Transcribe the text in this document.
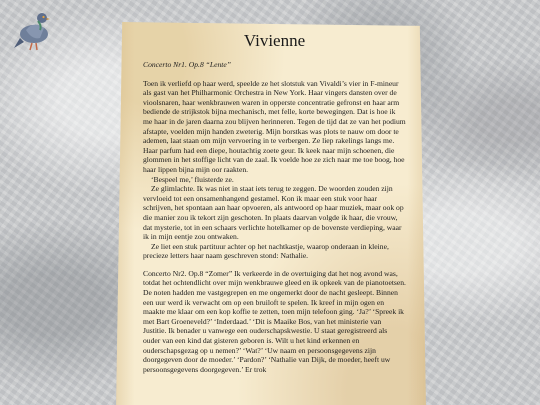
Vivienne

Concerto Nr1. Op.8 “Lente”

Toen ik verliefd op haar werd, speelde ze het slotstuk van Vivaldi’s vier in F-mineur als gast van het Philharmonic Orchestra in New York. Haar vingers dansten over de vioolsnaren, haar wenkbrauwen waren in opperste concentratie gefronst en haar arm bediende de strijkstok bijna mechanisch, met felle, korte bewegingen. Dat is hoe ik me haar in de jaren daarna zou blijven herinneren. Tegen de tijd dat ze van het podium afstapte, voelden mijn handen zweterig. Mijn borstkas was plots te nauw om door te ademen, laat staan om mijn vervoering in te verbergen. Ze liep rakelings langs me. Haar parfum had een diepe, houtachtig zoete geur. Ik keek naar mijn schoenen, die glommen in het stoffige licht van de zaal. Ik voelde hoe ze zich naar me toe boog, hoe haar lippen bijna mijn oor raakten.

‘Bespeel me,’ fluisterde ze.

Ze glimlachte. Ik was niet in staat iets terug te zeggen. De woorden zouden zijn vervloeid tot een onsamenhangend gestamel. Kon ik maar een stuk voor haar schrijven, het spontaan aan haar opvoeren, als antwoord op haar muziek, maar ook op die manier zou ik tekort zijn geschoten. In plaats daarvan volgde ik haar, die vrouw, dat mysterie, tot in een schaars verlichte hotelkamer op de bovenste verdieping, waar ik in mijn eentje zou ontwaken.

Ze liet een stuk partituur achter op het nachtkastje, waarop onderaan in kleine, precieze letters haar naam geschreven stond: Nathalie.

Concerto Nr2. Op.8 “Zomer” Ik verkeerde in de overtuiging dat het nog avond was, totdat het ochtendlicht over mijn wenkbrauwe gleed en ik opkeek van de pianotoetsen. De noten hadden me vastgegrepen en me ongemerkt door de nacht gesleept. Binnen een uur werd ik verwacht om op een bruiloft te spelen. Ik kreef in mijn ogen en maakte me klaar om een kop koffie te zetten, toen mijn telefoon ging. ‘Ja?’ ‘Spreek ik met Bart Groeneveld?’ ‘Inderdaad.’ ‘Dit is Maaike Bos, van het ministerie van Justitie. Ik benader u vanwege een ouderschapskwestie. U staat geregistreerd als ouder van een kind dat gisteren geboren is. Wilt u het kind erkennen en ouderschapsgezag op u nemen?’ ‘Wat?’ ‘Uw naam en persoonsgegevens zijn doorgegeven door de moeder.’ ‘Pardon?’ ‘Nathalie van Dijk, de moeder, heeft uw persoonsgegevens doorgegeven.’ Er trok
